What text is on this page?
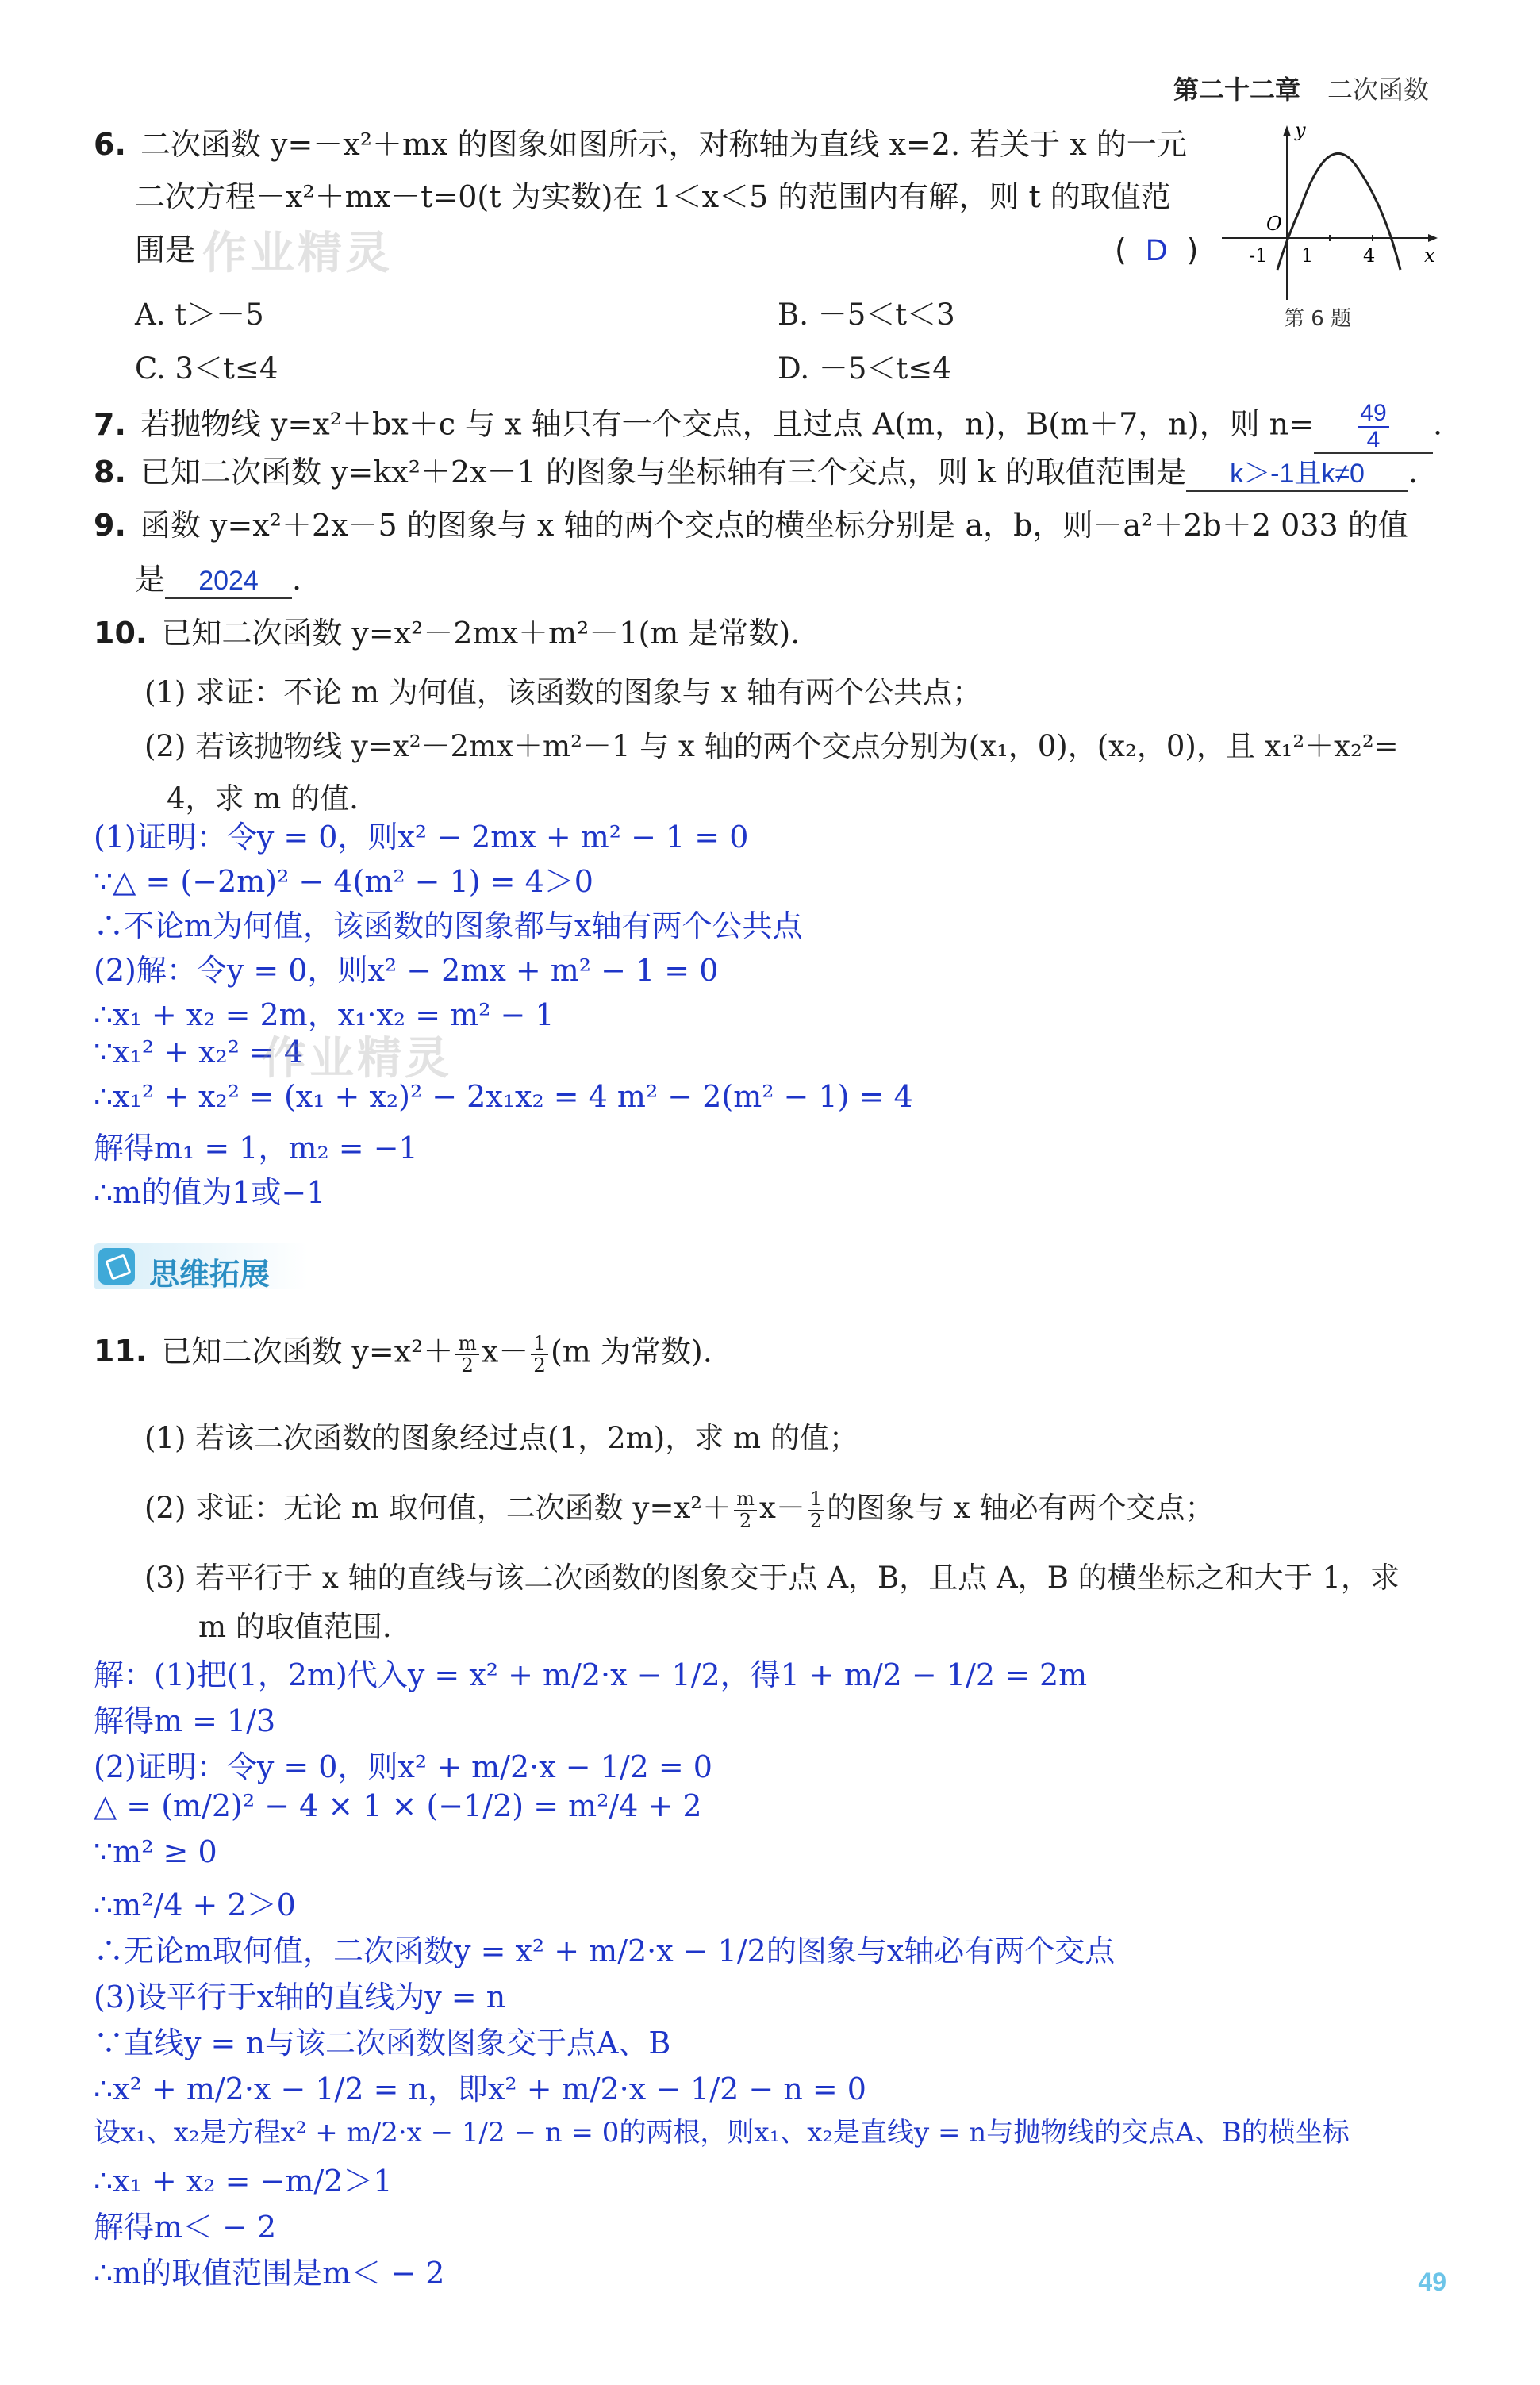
第二十二章 二次函数
6. 二次函数 y=－x²＋mx 的图象如图所示，对称轴为直线 x=2. 若关于 x 的一元
二次方程－x²＋mx－t=0(t 为实数)在 1＜x＜5 的范围内有解，则 t 的取值范
围是 作业精灵	( D )
A. t＞－5	B. －5＜t＜3
C. 3＜t≤4	D. －5＜t≤4
y
x
O
-1 1	4
第 6 题
7. 若抛物线 y=x²＋bx＋c 与 x 轴只有一个交点，且过点 A(m，n)，B(m＋7，n)，则 $n= \frac{49}{4}$ .
8. 已知二次函数 y=kx²＋2x－1 的图象与坐标轴有三个交点，则 k 的取值范围是 k＞-1且k≠0 .
9. 函数 y=x²＋2x－5 的图象与 x 轴的两个交点的横坐标分别是 a，b，则－a²＋2b＋2 033 的值
是 2024 .
10. 已知二次函数 y=x²－2mx＋m²－1(m 是常数).
(1) 求证：不论 m 为何值，该函数的图象与 x 轴有两个公共点；
(2) 若该抛物线 y=x²－2mx＋m²－1 与 x 轴的两个交点分别为(x₁，0)，(x₂，0)，且 x₁²＋x₂²=
4，求 m 的值.
(1)证明：令y = 0，则x² − 2mx + m² − 1 = 0
∵△ = (−2m)² − 4(m² − 1) = 4＞0
∴不论m为何值，该函数的图象都与x轴有两个公共点
(2)解：令y = 0，则x² − 2mx + m² − 1 = 0
∴x₁ + x₂ = 2m，x₁·x₂ = m² − 1
∵x₁² + x₂² = 4
作业精灵
∴x₁² + x₂² = (x₁ + x₂)² − 2x₁x₂ = 4 m² − 2(m² − 1) = 4
解得m₁ = 1，m₂ = −1
∴m的值为1或−1
思维拓展
11. 已知二次函数 $y=x^2+ \frac{m}{2} x- \frac{1}{2} (m$ 为常数).
(1) 若该二次函数的图象经过点(1，2m)，求 m 的值；
(2) 求证：无论 m 取何值，二次函数 $y=x^2+ \frac{m}{2} x- \frac{1}{2}$ 的图象与 x 轴必有两个交点；
(3) 若平行于 x 轴的直线与该二次函数的图象交于点 A，B，且点 A，B 的横坐标之和大于 1，求
m 的取值范围.
解：(1)把(1，2m)代入y = x² + m/2·x − 1/2，得1 + m/2 − 1/2 = 2m
解得m = 1/3
(2)证明：令y = 0，则x² + m/2·x − 1/2 = 0
△ = (m/2)² − 4 × 1 × (−1/2) = m²/4 + 2
∵m² ≥ 0
∴m²/4 + 2＞0
∴无论m取何值，二次函数y = x² + m/2·x − 1/2的图象与x轴必有两个交点
(3)设平行于x轴的直线为y = n
∵直线y = n与该二次函数图象交于点A、B
∴x² + m/2·x − 1/2 = n，即x² + m/2·x − 1/2 − n = 0
设x₁、x₂是方程x² + m/2·x − 1/2 − n = 0的两根，则x₁、x₂是直线y = n与抛物线的交点A、B的横坐标
∴x₁ + x₂ = −m/2＞1
解得m＜ − 2
∴m的取值范围是m＜ − 2	49
